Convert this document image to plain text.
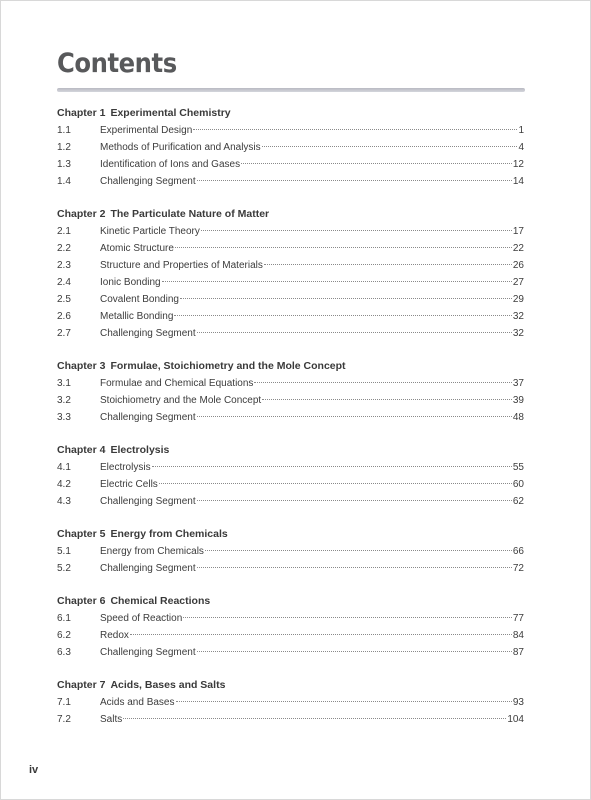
Contents
Chapter 1 Experimental Chemistry
1.1	Experimental Design	1
1.2	Methods of Purification and Analysis	4
1.3	Identification of Ions and Gases	12
1.4	Challenging Segment	14
Chapter 2 The Particulate Nature of Matter
2.1	Kinetic Particle Theory	17
2.2	Atomic Structure	22
2.3	Structure and Properties of Materials	26
2.4	Ionic Bonding	27
2.5	Covalent Bonding	29
2.6	Metallic Bonding	32
2.7	Challenging Segment	32
Chapter 3 Formulae, Stoichiometry and the Mole Concept
3.1	Formulae and Chemical Equations	37
3.2	Stoichiometry and the Mole Concept	39
3.3	Challenging Segment	48
Chapter 4 Electrolysis
4.1	Electrolysis	55
4.2	Electric Cells	60
4.3	Challenging Segment	62
Chapter 5 Energy from Chemicals
5.1	Energy from Chemicals	66
5.2	Challenging Segment	72
Chapter 6 Chemical Reactions
6.1	Speed of Reaction	77
6.2	Redox	84
6.3	Challenging Segment	87
Chapter 7 Acids, Bases and Salts
7.1	Acids and Bases	93
7.2	Salts	104
iv
